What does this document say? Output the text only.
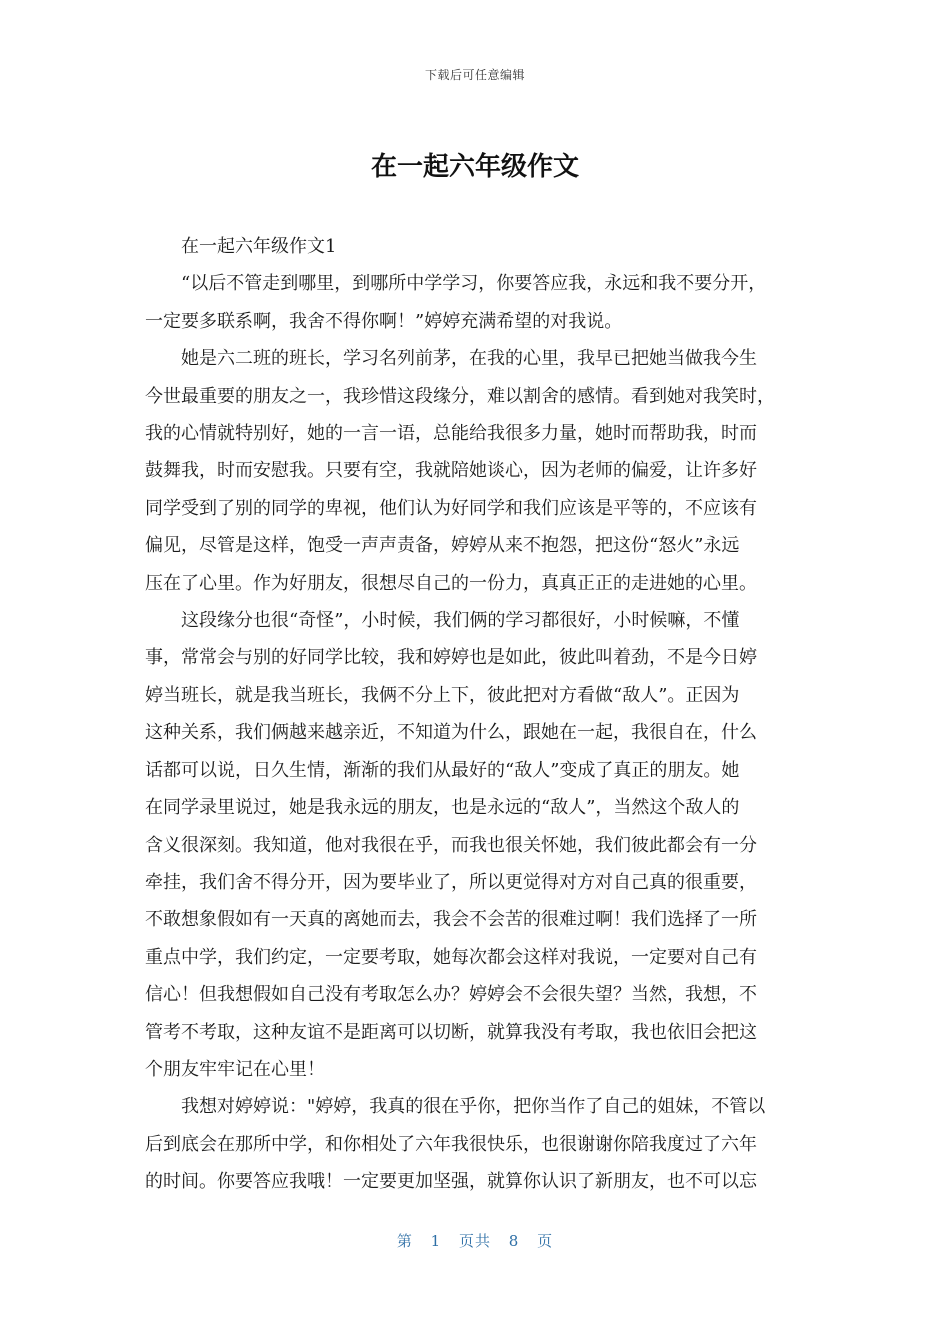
下载后可任意编辑
在一起六年级作文
在一起六年级作文1
“以后不管走到哪里，到哪所中学学习，你要答应我，永远和我不要分开，
一定要多联系啊，我舍不得你啊！”婷婷充满希望的对我说。
她是六二班的班长，学习名列前茅，在我的心里，我早已把她当做我今生
今世最重要的朋友之一，我珍惜这段缘分，难以割舍的感情。看到她对我笑时，
我的心情就特别好，她的一言一语，总能给我很多力量，她时而帮助我，时而
鼓舞我，时而安慰我。只要有空，我就陪她谈心，因为老师的偏爱，让许多好
同学受到了别的同学的卑视，他们认为好同学和我们应该是平等的，不应该有
偏见，尽管是这样，饱受一声声责备，婷婷从来不抱怨，把这份“怒火”永远
压在了心里。作为好朋友，很想尽自己的一份力，真真正正的走进她的心里。
这段缘分也很“奇怪”，小时候，我们俩的学习都很好，小时候嘛，不懂
事，常常会与别的好同学比较，我和婷婷也是如此，彼此叫着劲，不是今日婷
婷当班长，就是我当班长，我俩不分上下，彼此把对方看做“敌人”。正因为
这种关系，我们俩越来越亲近，不知道为什么，跟她在一起，我很自在，什么
话都可以说，日久生情，渐渐的我们从最好的“敌人”变成了真正的朋友。她
在同学录里说过，她是我永远的朋友，也是永远的“敌人”，当然这个敌人的
含义很深刻。我知道，他对我很在乎，而我也很关怀她，我们彼此都会有一分
牵挂，我们舍不得分开，因为要毕业了，所以更觉得对方对自己真的很重要，
不敢想象假如有一天真的离她而去，我会不会苦的很难过啊！我们选择了一所
重点中学，我们约定，一定要考取，她每次都会这样对我说，一定要对自己有
信心！但我想假如自己没有考取怎么办？婷婷会不会很失望？当然，我想，不
管考不考取，这种友谊不是距离可以切断，就算我没有考取，我也依旧会把这
个朋友牢牢记在心里！
我想对婷婷说："婷婷，我真的很在乎你，把你当作了自己的姐妹，不管以
后到底会在那所中学，和你相处了六年我很快乐，也很谢谢你陪我度过了六年
的时间。你要答应我哦！一定要更加坚强，就算你认识了新朋友，也不可以忘
第 1 页共 8 页
